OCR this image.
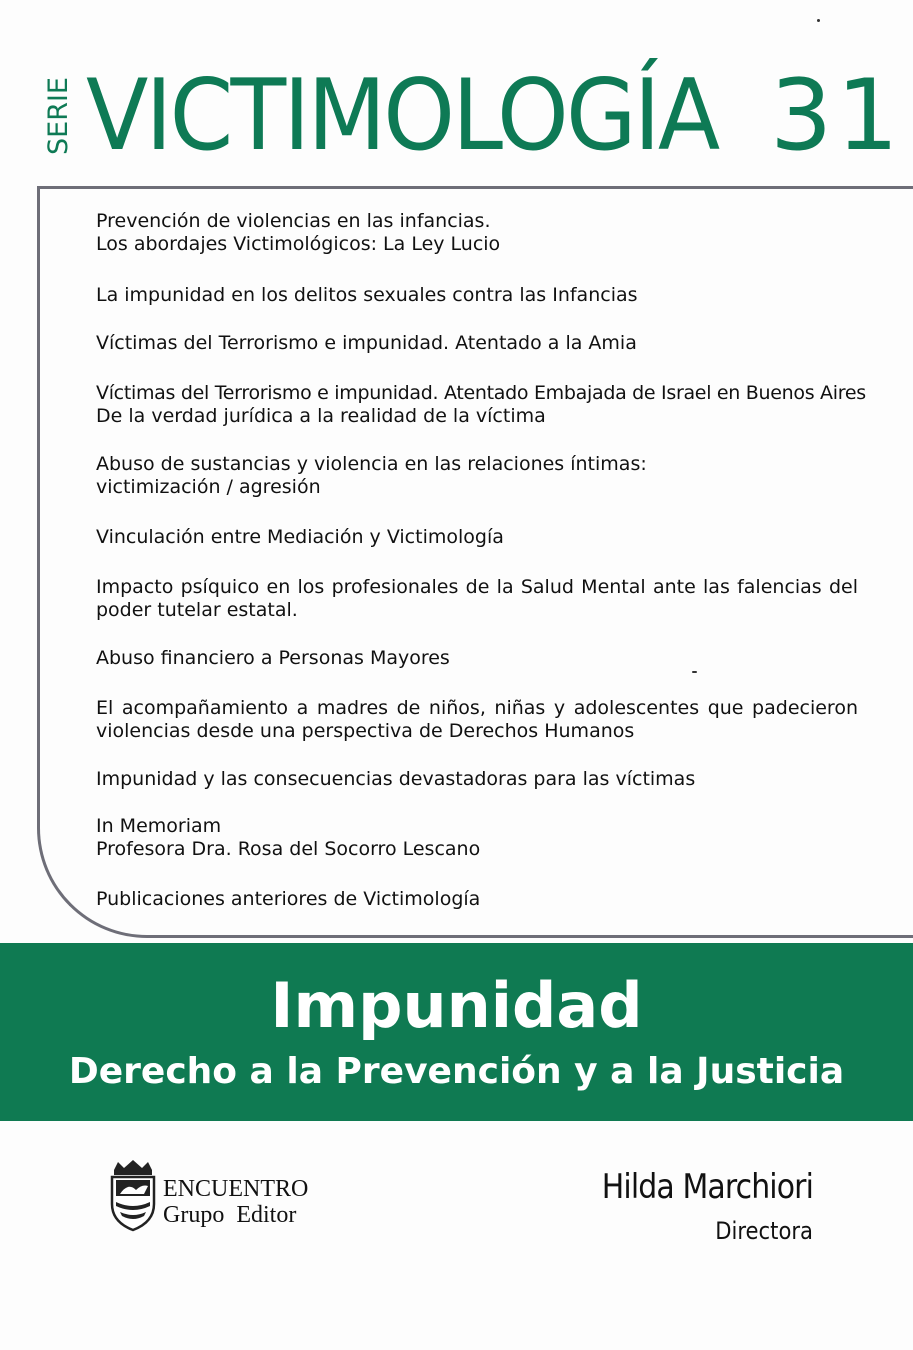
SERIE VICTIMOLOGÍA 31
Prevención de violencias en las infancias.
Los abordajes Victimológicos: La Ley Lucio
La impunidad en los delitos sexuales contra las Infancias
Víctimas del Terrorismo e impunidad. Atentado a la Amia
Víctimas del Terrorismo e impunidad. Atentado Embajada de Israel en Buenos Aires
De la verdad jurídica a la realidad de la víctima
Abuso de sustancias y violencia en las relaciones íntimas:
victimización / agresión
Vinculación entre Mediación y Victimología
Impacto psíquico en los profesionales de la Salud Mental ante las falencias del poder tutelar estatal.
Abuso financiero a Personas Mayores
El acompañamiento a madres de niños, niñas y adolescentes que padecieron violencias desde una perspectiva de Derechos Humanos
Impunidad y las consecuencias devastadoras para las víctimas
In Memoriam
Profesora Dra. Rosa del Socorro Lescano
Publicaciones anteriores de Victimología
Impunidad
Derecho a la Prevención y a la Justicia
ENCUENTRO
Grupo  Editor
Hilda Marchiori
Directora
